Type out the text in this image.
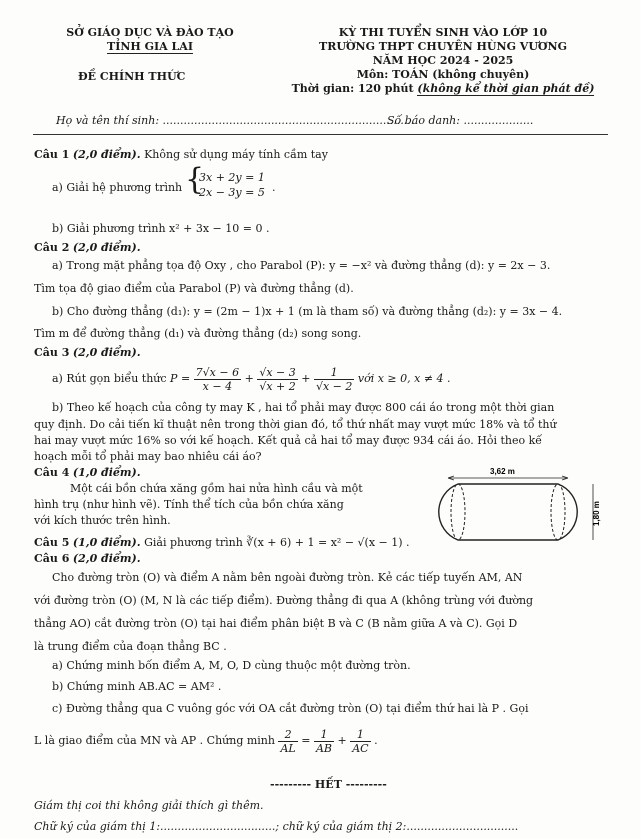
SỞ GIÁO DỤC VÀ ĐÀO TẠO
TỈNH GIA LAI
ĐỀ CHÍNH THỨC
KỲ THI TUYỂN SINH VÀO LỚP 10
TRƯỜNG THPT CHUYÊN HÙNG VƯƠNG
NĂM HỌC 2024 - 2025
Môn: TOÁN (không chuyên)
Thời gian: 120 phút (không kể thời gian phát đề)
Họ và tên thí sinh: ........................................................................
Số báo danh: ....................
Câu 1 (2,0 điểm). Không sử dụng máy tính cầm tay
a) Giải hệ phương trình {
3x + 2y = 1
2x − 3y = 5 .
b) Giải phương trình x² + 3x − 10 = 0 .
Câu 2 (2,0 điểm).
a) Trong mặt phẳng tọa độ Oxy , cho Parabol (P): y = −x² và đường thẳng (d): y = 2x − 3.
Tìm tọa độ giao điểm của Parabol (P) và đường thẳng (d).
b) Cho đường thẳng (d₁): y = (2m − 1)x + 1 (m là tham số) và đường thẳng (d₂): y = 3x − 4.
Tìm m để đường thẳng (d₁) và đường thẳng (d₂) song song.
Câu 3 (2,0 điểm).
a) Rút gọn biểu thức $P = \frac{7√x - 6}{x - 4} + \frac{√x - 3}{√x + 2} + \frac{1}{√x - 2}$ với x ≥ 0, x ≠ 4 .
b) Theo kế hoạch của công ty may K , hai tổ phải may được 800 cái áo trong một thời gian
quy định. Do cải tiến kĩ thuật nên trong thời gian đó, tổ thứ nhất may vượt mức 18% và tổ thứ
hai may vượt mức 16% so với kế hoạch. Kết quả cả hai tổ may được 934 cái áo. Hỏi theo kế
hoạch mỗi tổ phải may bao nhiêu cái áo?
Câu 4 (1,0 điểm).
Một cái bồn chứa xăng gồm hai nửa hình cầu và một
hình trụ (như hình vẽ). Tính thể tích của bồn chứa xăng
với kích thước trên hình.
3,62 m
1,80 m
Câu 5 (1,0 điểm). Giải phương trình ∛(x + 6) + 1 = x² − √(x − 1) .
Câu 6 (2,0 điểm).
Cho đường tròn (O) và điểm A nằm bên ngoài đường tròn. Kẻ các tiếp tuyến AM, AN
với đường tròn (O) (M, N là các tiếp điểm). Đường thẳng đi qua A (không trùng với đường
thẳng AO) cắt đường tròn (O) tại hai điểm phân biệt B và C (B nằm giữa A và C). Gọi D
là trung điểm của đoạn thẳng BC .
a) Chứng minh bốn điểm A, M, O, D cùng thuộc một đường tròn.
b) Chứng minh AB.AC = AM² .
c) Đường thẳng qua C vuông góc với OA cắt đường tròn (O) tại điểm thứ hai là P . Gọi
L là giao điểm của MN và AP . Chứng minh $\frac{2}{AL} = \frac{1}{AB} + \frac{1}{AC}$ .
--------- HẾT ---------
Giám thị coi thi không giải thích gì thêm.
Chữ ký của giám thị 1:.................................; chữ ký của giám thị 2:................................
